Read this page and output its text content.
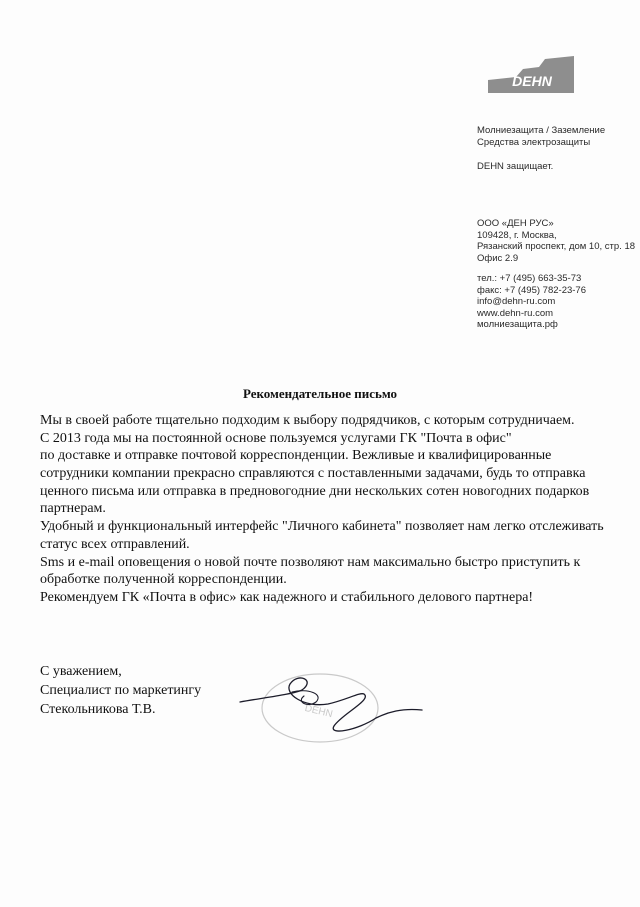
DEHN
Молниезащита / Заземление
Средства электрозащиты
DEHN защищает.
ООО «ДЕН РУС»
109428, г. Москва,
Рязанский проспект, дом 10, стр. 18
Офис 2.9
тел.: +7 (495) 663-35-73
факс: +7 (495) 782-23-76
info@dehn-ru.com
www.dehn-ru.com
молниезащита.рф
Рекомендательное письмо
Мы в своей работе тщательно подходим к выбору подрядчиков, с которым сотрудничаем.
С 2013 года мы на постоянной основе пользуемся услугами ГК "Почта в офис"
по доставке и отправке почтовой корреспонденции. Вежливые и квалифицированные
сотрудники компании прекрасно справляются с поставленными задачами, будь то отправка
ценного письма или отправка в предновогодние дни нескольких сотен новогодних подарков
партнерам.
Удобный и функциональный интерфейс "Личного кабинета" позволяет нам легко отслеживать
статус всех отправлений.
Sms и e-mail оповещения о новой почте позволяют нам максимально быстро приступить к
обработке полученной корреспонденции.
Рекомендуем ГК «Почта в офис» как надежного и стабильного делового партнера!
С уважением,
Специалист по маркетингу
Стекольникова Т.В.	DEHN
